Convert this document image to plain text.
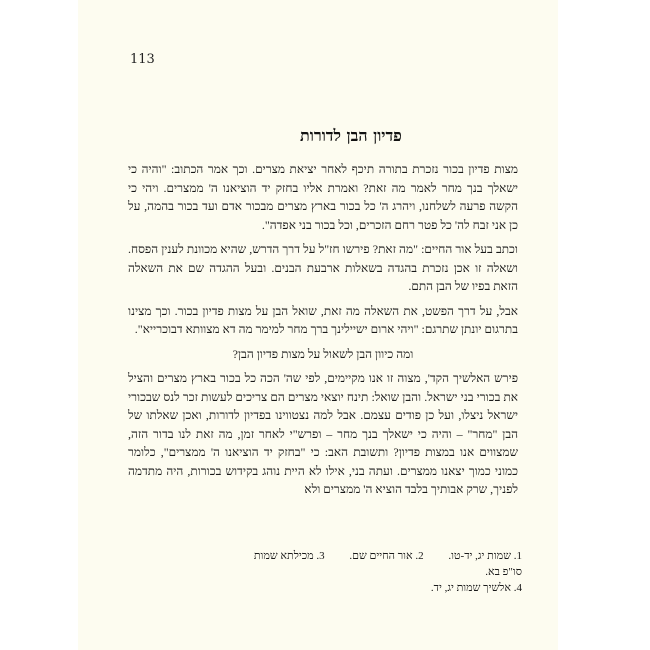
113
פדיון הבן לדורות

מצות פדיון בכור נזכרת בתורה תיכף לאחר יציאת מצרים. וכך אמר הכתוב: "והיה כי ישאלך בנך מחר לאמר מה זאת? ואמרת אליו בחזק יד הוציאנו ה' ממצרים. ויהי כי הקשה פרעה לשלחנו, ויהרג ה' כל בכור בארץ מצרים מבכור אדם ועד בכור בהמה, על כן אני זבח לה' כל פטר רחם הזכרים, וכל בכור בני אפדה".

וכתב בעל אור החיים: "מה זאת? פירשו חז"ל על דרך הדרש, שהיא מכוונת לענין הפסח. ושאלה זו אכן נזכרת בהגדה בשאלות ארבעת הבנים. ובעל ההגדה שם את השאלה הזאת בפיו של הבן התם.

אבל, על דרך הפשט, את השאלה מה זאת, שואל הבן על מצות פדיון בכור. וכך מצינו בתרגום יונתן שתרגם: "ויהי ארום ישיילינך ברך מחר למימר מה דא מצוותא דבוכרייא".

ומה כיוון הבן לשאול על מצות פדיון הבן?

פירש האלשיך הקד', מצוה זו אנו מקיימים, לפי שה' הכה כל בכור בארץ מצרים והציל את בכורי בני ישראל. והבן שואל: תינח יוצאי מצרים הם צריכים לעשות זכר לנס שבכורי ישראל ניצלו, ועל כן פודים עצמם. אבל למה נצטווינו בפדיון לדורות, ואכן שאלתו של הבן "מחר" – והיה כי ישאלך בנך מחר – ופרש"י לאחר זמן, מה זאת לנו בדור הזה, שמצווים אנו במצות פדיון? ותשובת האב: כי "בחזק יד הוציאנו ה' ממצרים", כלומר כמוני כמוך יצאנו ממצרים. ועתה בני, אילו לא היית נוהג בקידוש בכורות, היה מתדמה לפניך, שרק אבותיך בלבד הוציא ה' ממצרים ולא

1. שמות יג, יד-טו. 2. אור החיים שם. 3. מכילתא שמות סו"פ בא.
4. אלשיך שמות יג, יד.
